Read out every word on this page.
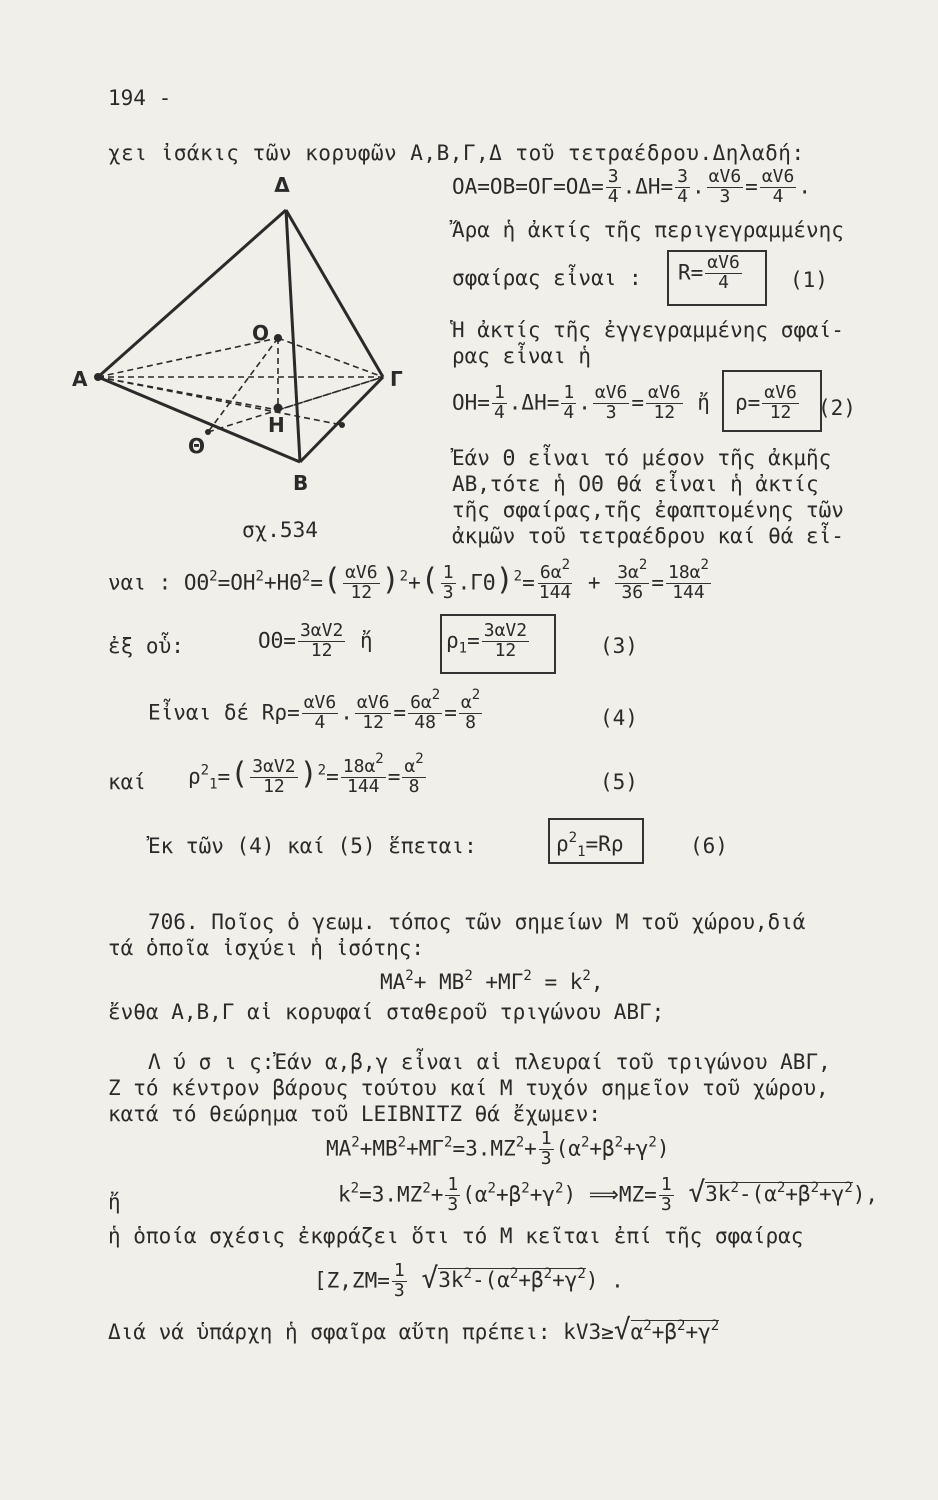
194 -
χει ἰσάκις τῶν κορυφῶν Α,Β,Γ,Δ τοῦ τετραέδρου.Δηλαδή:
Δ
Α	Γ
Β
Ο
Η
Θ
σχ.534
$OA=OB=O\Gamma=O\Delta= \frac{3}{4} .\Delta H= \frac{3}{4}$ . $\frac{\alpha V6}{3} = \frac{\alpha V6}{4}$ .
Ἄρα ἡ ἀκτίς τῆς περιγεγραμμένης
σφαίρας εἶναι : $R= \frac{\alpha V6}{4} (1)$
Ἡ ἀκτίς τῆς ἐγγεγραμμένης σφαί-
ρας εἶναι ἡ
$OH= \frac{1}{4} .\Delta H= \frac{1}{4}$ . $\frac{\alpha V6}{3} = \frac{\alpha V6}{12}$ ἤ $\rho= \frac{\alpha V6}{12} (2)$
Ἐάν Θ εἶναι τό μέσον τῆς ἀκμῆς
ΑΒ,τότε ἡ ΟΘ θά εἶναι ἡ ἀκτίς
τῆς σφαίρας,τῆς ἐφαπτομένης τῶν
ἀκμῶν τοῦ τετραέδρου καί θά εἶ-
ναι : $O\Theta^2=OH^2+H\Theta^2=( \frac{\alpha V6}{12} )^2+( \frac{1}{3} .\Gamma\Theta)^2= \frac{6\alpha^2}{144} + \frac{3\alpha^2}{36} = \frac{18\alpha^2}{144}$
ἐξ οὗ:	$O\Theta= \frac{3\alpha V2}{12}$ ἤ	$\rho_1= \frac{3\alpha V2}{12}$	(3)
Εἶναι δέ $R\rho= \frac{\alpha V6}{4}$ . $\frac{\alpha V6}{12} = \frac{6\alpha^2}{48} = \frac{\alpha^2}{8}$	(4)
καί $\rho^2_1=( \frac{3\alpha V2}{12} )^2= \frac{18\alpha^2}{144} = \frac{\alpha^2}{8}$	(5)
Ἐκ τῶν (4) καί (5) ἕπεται:	$\rho^2_1=R\rho$	(6)
706. Ποῖος ὁ γεωμ. τόπος τῶν σημείων Μ τοῦ χώρου,διά
τά ὁποῖα ἰσχύει ἡ ἰσότης:
$MA^2+ MB^2 +M\Gamma^2 = k^2$,
ἔνθα Α,Β,Γ αἱ κορυφαί σταθεροῦ τριγώνου ΑΒΓ;
Λ ύ σ ι ς:Ἐάν α,β,γ εἶναι αἱ πλευραί τοῦ τριγώνου ΑΒΓ,
Ζ τό κέντρον βάρους τούτου καί Μ τυχόν σημεῖον τοῦ χώρου,
κατά τό θεώρημα τοῦ LEIBNITZ θά ἔχωμεν:
$MA^2+MB^2+M\Gamma^2=3.MZ^2+ \frac{1}{3} (\alpha^2+\beta^2+\gamma^2)$
ἤ	$k^2=3.MZ^2+ \frac{1}{3} (\alpha^2+\beta^2+\gamma^2)$ ⟹ΜΖ= $\frac{1}{3} √3k^2-(\alpha^2+\beta^2+\gamma^2)$,
ἡ ὁποία σχέσις ἐκφράζει ὅτι τό Μ κεῖται ἐπί τῆς σφαίρας
[$Z,ZM= \frac{1}{3} √3k^2-(\alpha^2+\beta^2+\gamma^2)$ .
Διά νά ὑπάρχη ἡ σφαῖρα αὔτη πρέπει: $kV3\ge√\alpha^2+\beta^2+\gamma^2$
